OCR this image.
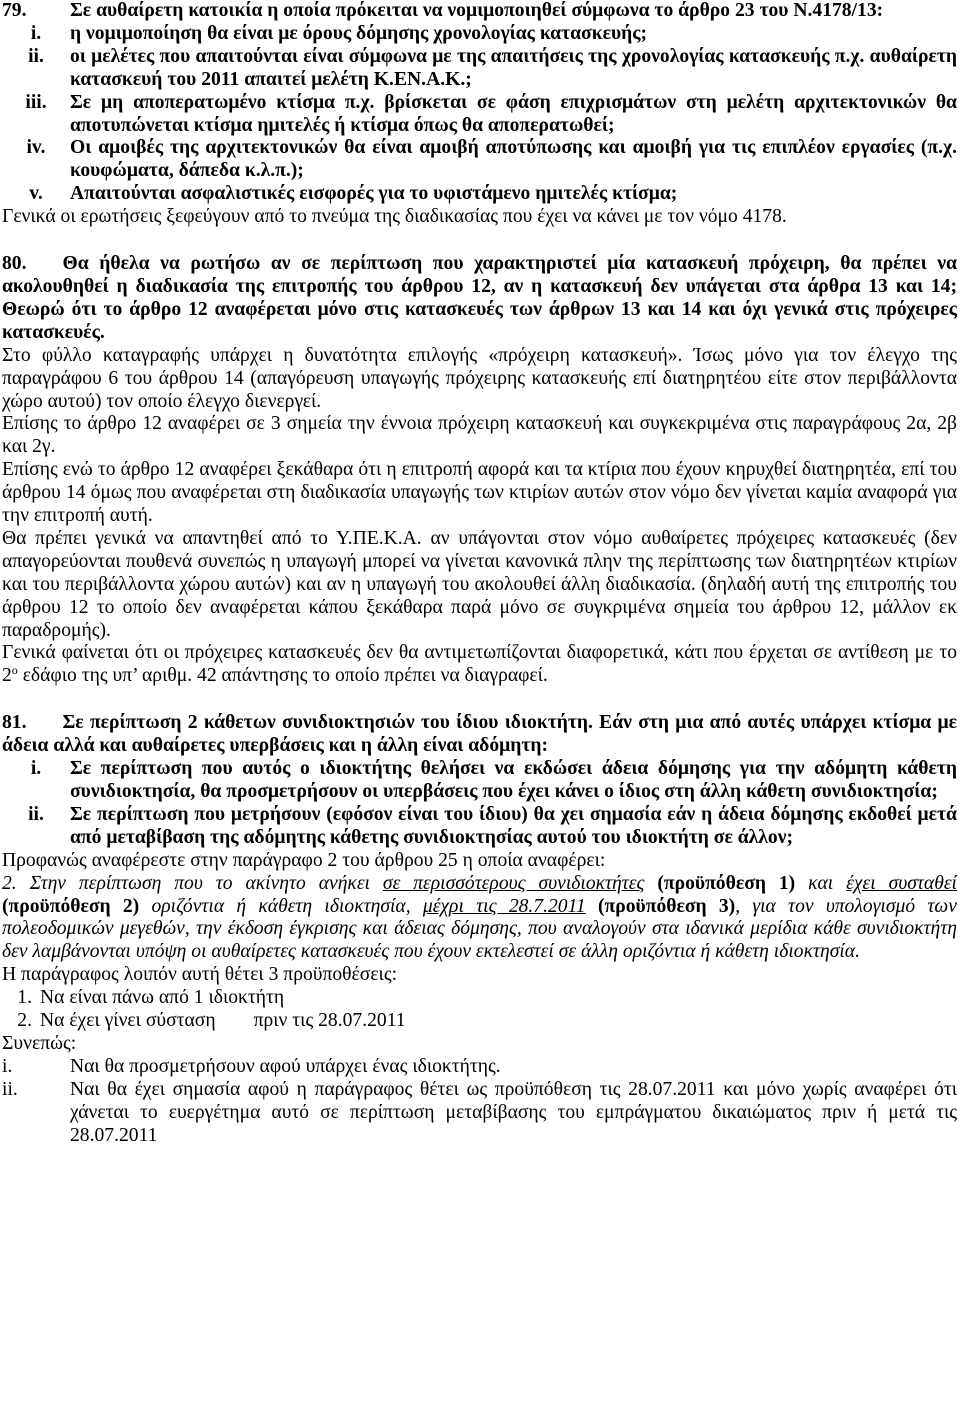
79.	Σε αυθαίρετη κατοικία η οποία πρόκειται να νομιμοποιηθεί σύμφωνα το άρθρο 23 του Ν.4178/13:
i.	η νομιμοποίηση θα είναι με όρους δόμησης χρονολογίας κατασκευής;
ii.	οι μελέτες που απαιτούνται είναι σύμφωνα με της απαιτήσεις της χρονολογίας κατασκευής π.χ. αυθαίρετη κατασκευή του 2011 απαιτεί μελέτη Κ.ΕΝ.Α.Κ.;
iii.	Σε μη αποπερατωμένο κτίσμα π.χ. βρίσκεται σε φάση επιχρισμάτων στη μελέτη αρχιτεκτονικών θα αποτυπώνεται κτίσμα ημιτελές ή κτίσμα όπως θα αποπερατωθεί;
iv.	Οι αμοιβές της αρχιτεκτονικών θα είναι αμοιβή αποτύπωσης και αμοιβή για τις επιπλέον εργασίες (π.χ. κουφώματα, δάπεδα κ.λ.π.);
v.	Απαιτούνται ασφαλιστικές εισφορές για το υφιστάμενο ημιτελές κτίσμα;

Γενικά οι ερωτήσεις ξεφεύγουν από το πνεύμα της διαδικασίας που έχει να κάνει με τον νόμο 4178.

80. Θα ήθελα να ρωτήσω αν σε περίπτωση που χαρακτηριστεί μία κατασκευή πρόχειρη, θα πρέπει να ακολουθηθεί η διαδικασία της επιτροπής του άρθρου 12, αν η κατασκευή δεν υπάγεται στα άρθρα 13 και 14; Θεωρώ ότι το άρθρο 12 αναφέρεται μόνο στις κατασκευές των άρθρων 13 και 14 και όχι γενικά στις πρόχειρες κατασκευές.

Στο φύλλο καταγραφής υπάρχει η δυνατότητα επιλογής «πρόχειρη κατασκευή». Ίσως μόνο για τον έλεγχο της παραγράφου 6 του άρθρου 14 (απαγόρευση υπαγωγής πρόχειρης κατασκευής επί διατηρητέου είτε στον περιβάλλοντα χώρο αυτού) τον οποίο έλεγχο διενεργεί.

Επίσης το άρθρο 12 αναφέρει σε 3 σημεία την έννοια πρόχειρη κατασκευή και συγκεκριμένα στις παραγράφους 2α, 2β και 2γ.

Επίσης ενώ το άρθρο 12 αναφέρει ξεκάθαρα ότι η επιτροπή αφορά και τα κτίρια που έχουν κηρυχθεί διατηρητέα, επί του άρθρου 14 όμως που αναφέρεται στη διαδικασία υπαγωγής των κτιρίων αυτών στον νόμο δεν γίνεται καμία αναφορά για την επιτροπή αυτή.

Θα πρέπει γενικά να απαντηθεί από το Υ.ΠΕ.Κ.Α. αν υπάγονται στον νόμο αυθαίρετες πρόχειρες κατασκευές (δεν απαγορεύονται πουθενά συνεπώς η υπαγωγή μπορεί να γίνεται κανονικά πλην της περίπτωσης των διατηρητέων κτιρίων και του περιβάλλοντα χώρου αυτών) και αν η υπαγωγή του ακολουθεί άλλη διαδικασία. (δηλαδή αυτή της επιτροπής του άρθρου 12 το οποίο δεν αναφέρεται κάπου ξεκάθαρα παρά μόνο σε συγκριμένα σημεία του άρθρου 12, μάλλον εκ παραδρομής).

Γενικά φαίνεται ότι οι πρόχειρες κατασκευές δεν θα αντιμετωπίζονται διαφορετικά, κάτι που έρχεται σε αντίθεση με το $2^o$ εδάφιο της υπ’ αριθμ. 42 απάντησης το οποίο πρέπει να διαγραφεί.

81. Σε περίπτωση 2 κάθετων συνιδιοκτησιών του ίδιου ιδιοκτήτη. Εάν στη μια από αυτές υπάρχει κτίσμα με άδεια αλλά και αυθαίρετες υπερβάσεις και η άλλη είναι αδόμητη:
i.	Σε περίπτωση που αυτός ο ιδιοκτήτης θελήσει να εκδώσει άδεια δόμησης για την αδόμητη κάθετη συνιδιοκτησία, θα προσμετρήσουν οι υπερβάσεις που έχει κάνει ο ίδιος στη άλλη κάθετη συνιδιοκτησία;
ii.	Σε περίπτωση που μετρήσουν (εφόσον είναι του ίδιου) θα χει σημασία εάν η άδεια δόμησης εκδοθεί μετά από μεταβίβαση της αδόμητης κάθετης συνιδιοκτησίας αυτού του ιδιοκτήτη σε άλλον;

Προφανώς αναφέρεστε στην παράγραφο 2 του άρθρου 25 η οποία αναφέρει:

2. Στην περίπτωση που το ακίνητο ανήκει σε περισσότερους συνιδιοκτήτες (προϋπόθεση 1) και έχει συσταθεί (προϋπόθεση 2) οριζόντια ή κάθετη ιδιοκτησία, μέχρι τις 28.7.2011 (προϋπόθεση 3), για τον υπολογισμό των πολεοδομικών μεγεθών, την έκδοση έγκρισης και άδειας δόμησης, που αναλογούν στα ιδανικά μερίδια κάθε συνιδιοκτήτη δεν λαμβάνονται υπόψη οι αυθαίρετες κατασκευές που έχουν εκτελεστεί σε άλλη οριζόντια ή κάθετη ιδιοκτησία.

Η παράγραφος λοιπόν αυτή θέτει 3 προϋποθέσεις:

1. Να είναι πάνω από 1 ιδιοκτήτη
2. Να έχει γίνει σύσταση πριν τις 28.07.2011

Συνεπώς:

i.	Ναι θα προσμετρήσουν αφού υπάρχει ένας ιδιοκτήτης.
ii.	Ναι θα έχει σημασία αφού η παράγραφος θέτει ως προϋπόθεση τις 28.07.2011 και μόνο χωρίς αναφέρει ότι χάνεται το ευεργέτημα αυτό σε περίπτωση μεταβίβασης του εμπράγματου δικαιώματος πριν ή μετά τις 28.07.2011
